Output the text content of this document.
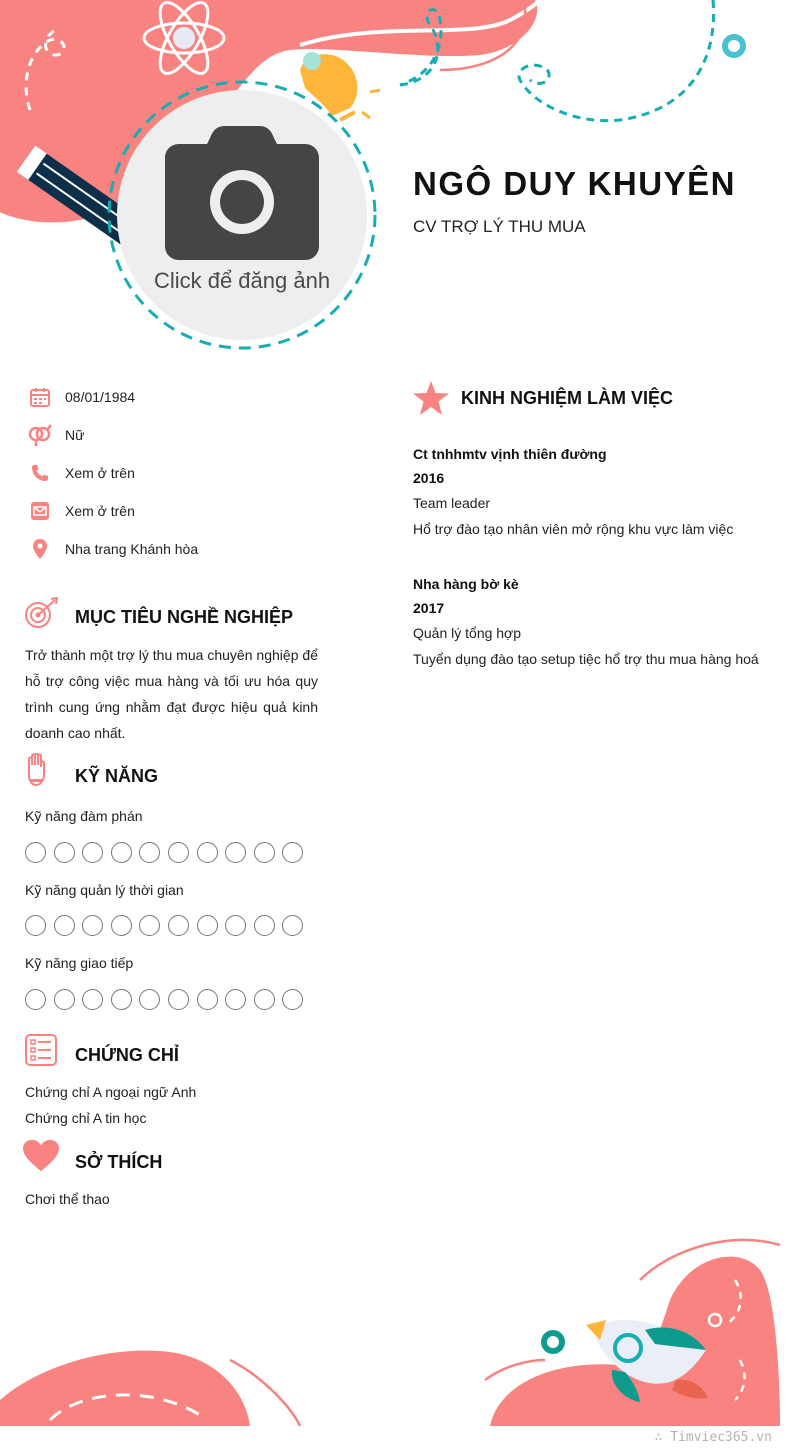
Click để đăng ảnh
NGÔ DUY KHUYÊN
CV TRỢ LÝ THU MUA
08/01/1984
Nữ
Xem ở trên
Xem ở trên
Nha trang Khánh hòa
MỤC TIÊU NGHỀ NGHIỆP
Trở thành một trợ lý thu mua chuyên nghiệp để hỗ trợ công việc mua hàng và tối ưu hóa quy trình cung ứng nhằm đạt được hiệu quả kinh doanh cao nhất.
KỸ NĂNG
Kỹ năng đàm phán
Kỹ năng quản lý thời gian
Kỹ năng giao tiếp
CHỨNG CHỈ
Chứng chỉ A ngoại ngữ Anh
Chứng chỉ A tin học
SỞ THÍCH
Chơi thể thao
KINH NGHIỆM LÀM VIỆC
Ct tnhhmtv vịnh thiên đường
2016
Team leader
Hổ trợ đào tạo nhân viên mở rộng khu vực làm việc
Nha hàng bờ kè
2017
Quản lý tổng hợp
Tuyển dụng đào tạo setup tiệc hổ trợ thu mua hàng hoá
∴ Timviec365.vn
